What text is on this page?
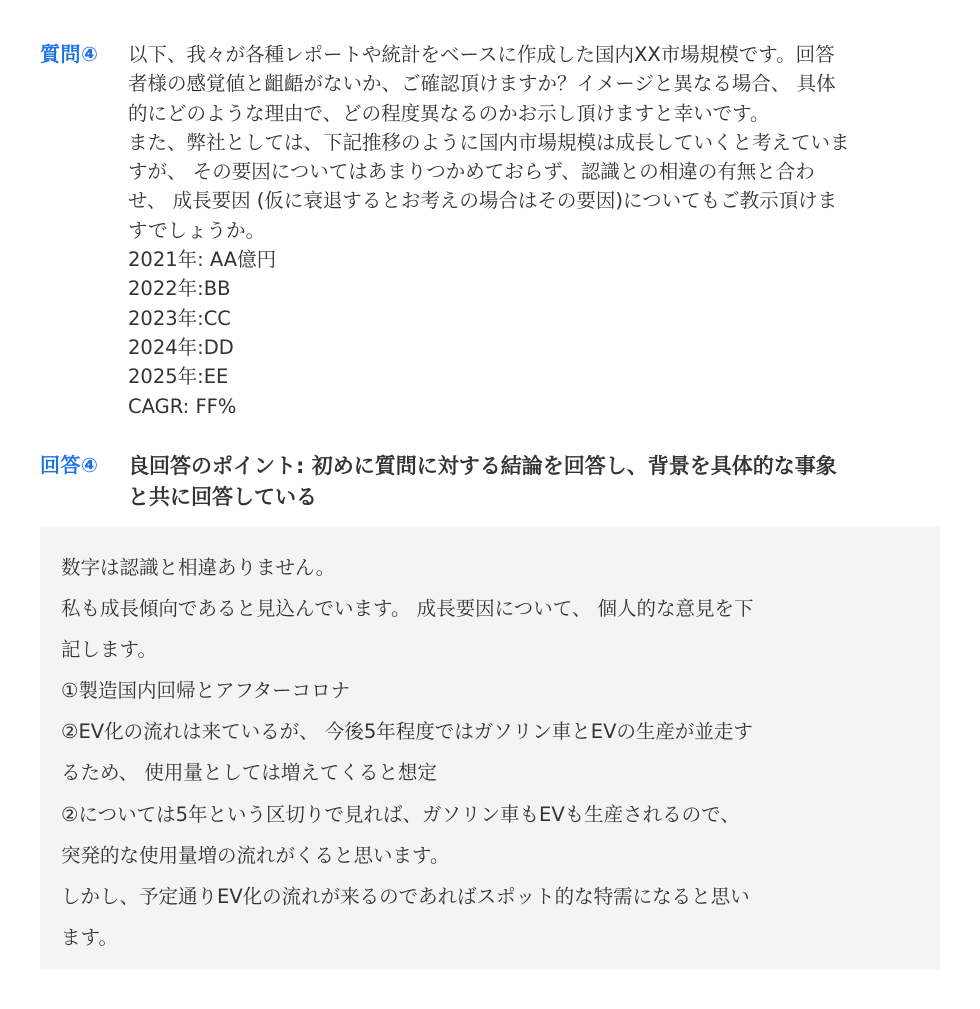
質問④	以下、我々が各種レポートや統計をベースに作成した国内XX市場規模です。回答
者様の感覚値と齟齬がないか、ご確認頂けますか？イメージと異なる場合、 具体
的にどのような理由で、どの程度異なるのかお示し頂けますと幸いです。
また、弊社としては、下記推移のように国内市場規模は成長していくと考えていま
すが、 その要因についてはあまりつかめておらず、認識との相違の有無と合わ
せ、 成長要因 (仮に衰退するとお考えの場合はその要因)についてもご教示頂けま
すでしょうか。
2021年: AA億円
2022年:BB
2023年:CC
2024年:DD
2025年:EE
CAGR: FF%
回答④	良回答のポイント: 初めに質問に対する結論を回答し、背景を具体的な事象
と共に回答している
数字は認識と相違ありません。
私も成長傾向であると見込んでいます。 成長要因について、 個人的な意見を下
記します。
①製造国内回帰とアフターコロナ
②EV化の流れは来ているが、 今後5年程度ではガソリン車とEVの生産が並走す
るため、 使用量としては増えてくると想定
②については5年という区切りで見れば、ガソリン車もEVも生産されるので、
突発的な使用量増の流れがくると思います。
しかし、予定通りEV化の流れが来るのであればスポット的な特需になると思い
ます。
